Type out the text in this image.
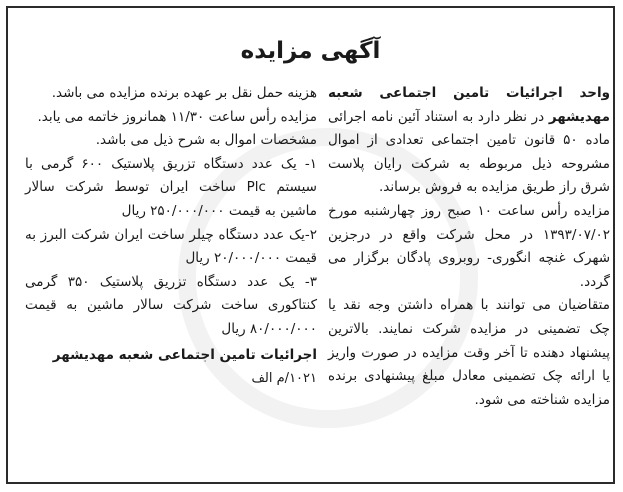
آگهی مزایده

واحد اجرائیات تامین اجتماعی شعبه مهدیشهر در نظر دارد به استناد آئین نامه اجرائی ماده ۵۰ قانون تامین اجتماعی تعدادی از اموال مشروحه ذیل مربوطه به شرکت رایان پلاست شرق راز طریق مزایده به فروش برساند.

مزایده رأس ساعت ۱۰ صبح روز چهارشنبه مورخ ۱۳۹۳/۰۷/۰۲ در محل شرکت واقع در درجزین شهرک غنچه انگوری- روبروی پادگان برگزار می گردد.

متقاضیان می توانند با همراه داشتن وجه نقد یا چک تضمینی در مزایده شرکت نمایند. بالاترین پیشنهاد دهنده تا آخر وقت مزایده در صورت واریز یا ارائه چک تضمینی معادل مبلغ پیشنهادی برنده مزایده شناخته می شود.

هزینه حمل نقل بر عهده برنده مزایده می باشد.

مزایده رأس ساعت ۱۱/۳۰ همانروز خاتمه می یابد.

مشخصات اموال به شرح ذیل می باشد.

۱- یک عدد دستگاه تزریق پلاستیک ۶۰۰ گرمی با سیستم Plc ساخت ایران توسط شرکت سالار ماشین به قیمت ۲۵۰/۰۰۰/۰۰۰ ریال

۲-یک عدد دستگاه چیلر ساخت ایران شرکت البرز به قیمت ۲۰/۰۰۰/۰۰۰ ریال

۳- یک عدد دستگاه تزریق پلاستیک ۳۵۰ گرمی کنتاکوری ساخت شرکت سالار ماشین به قیمت ۸۰/۰۰۰/۰۰۰ ریال

اجرائیات تامین اجتماعی شعبه مهدیشهر

۱۰۲۱/م الف
